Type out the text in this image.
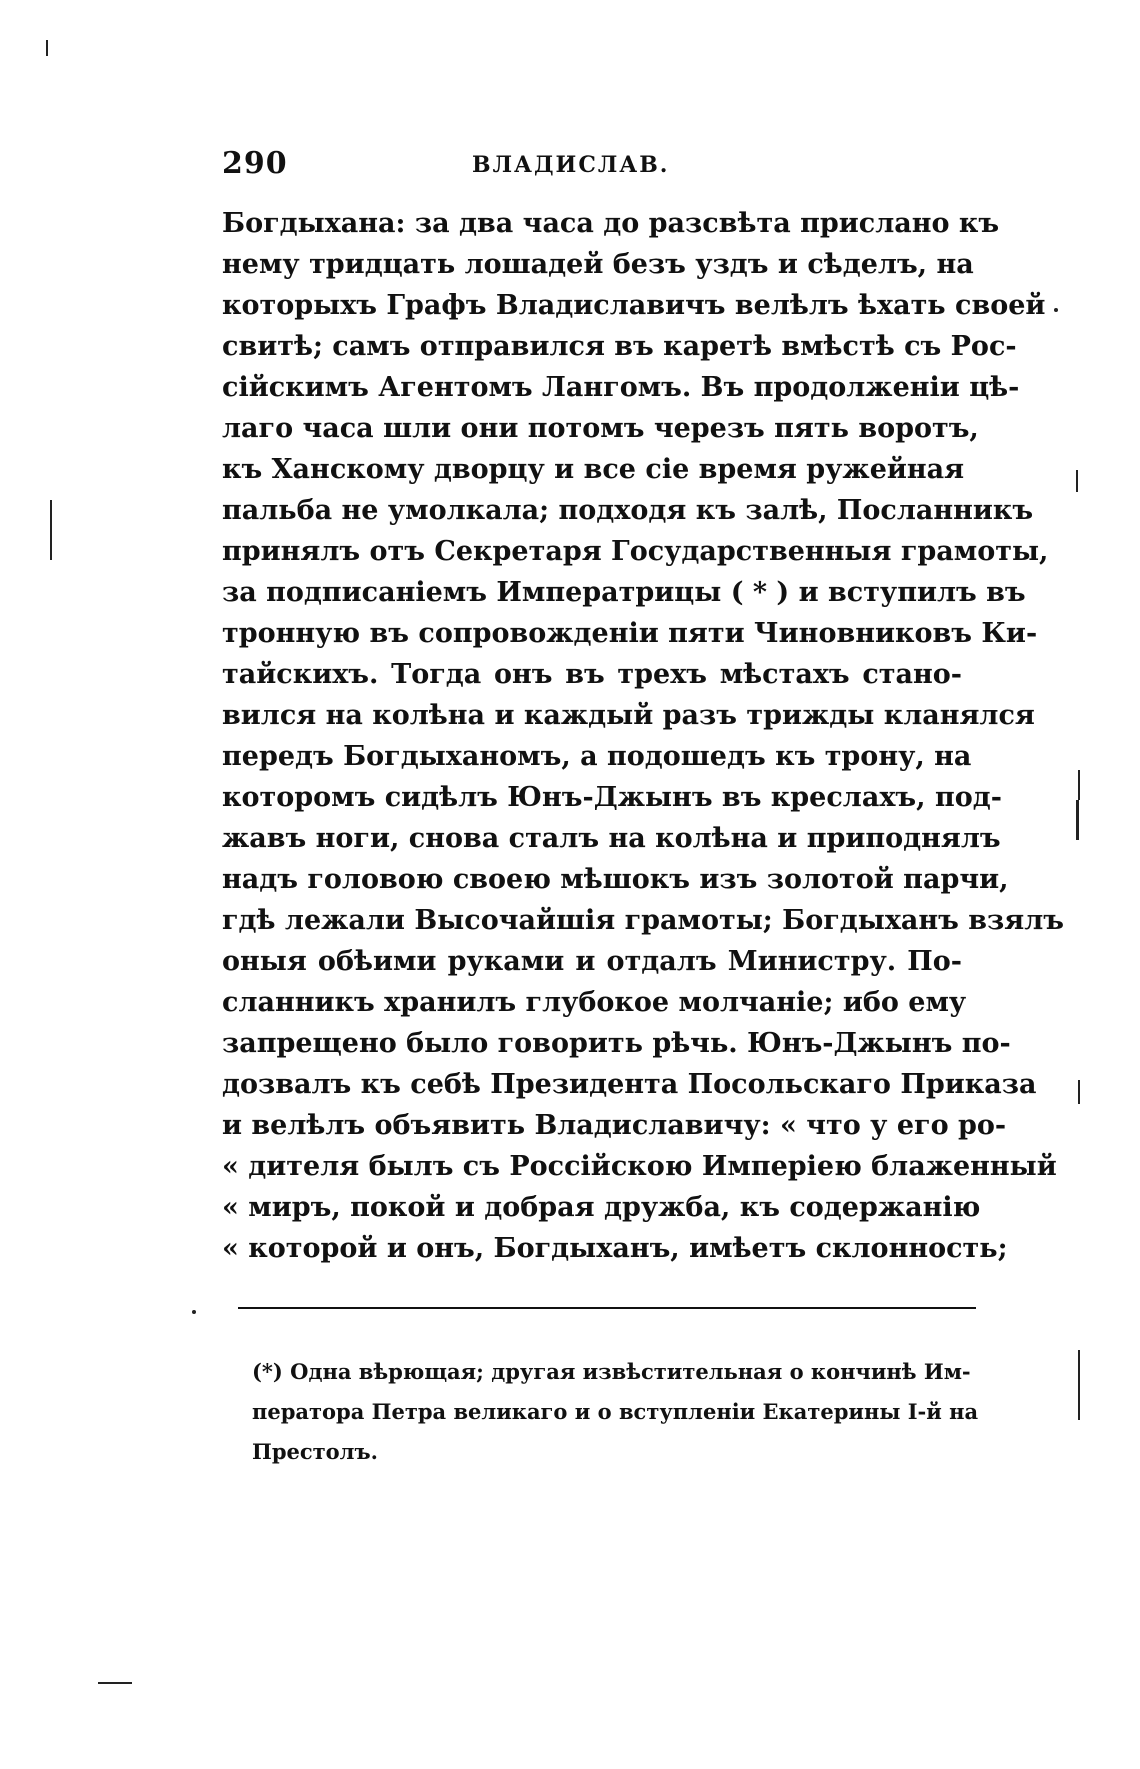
290	ВЛАДИСЛАВ.
Богдыхана: за два часа до разсвѣта прислано къ
нему тридцать лошадей безъ уздъ и сѣделъ, на
которыхъ Графъ Владиславичъ велѣлъ ѣхать своей
свитѣ; самъ отправился въ каретѣ вмѣстѣ съ Рос-
сійскимъ Агентомъ Лангомъ. Въ продолженіи цѣ-
лаго часа шли они потомъ черезъ пять воротъ,
къ Ханскому дворцу и все сіе время ружейная
пальба не умолкала; подходя къ залѣ, Посланникъ
принялъ отъ Секретаря Государственныя грамоты,
за подписаніемъ Императрицы ( * ) и вступилъ въ
тронную въ сопровожденіи пяти Чиновниковъ Ки-
тайскихъ. Тогда онъ въ трехъ мѣстахъ стано-
вился на колѣна и каждый разъ трижды кланялся
передъ Богдыханомъ, а подошедъ къ трону, на
которомъ сидѣлъ Юнъ-Джынъ въ креслахъ, под-
жавъ ноги, снова сталъ на колѣна и приподнялъ
надъ головою своею мѣшокъ изъ золотой парчи,
гдѣ лежали Высочайшія грамоты; Богдыханъ взялъ
оныя обѣими руками и отдалъ Министру. По-
сланникъ хранилъ глубокое молчаніе; ибо ему
запрещено было говорить рѣчь. Юнъ-Джынъ по-
дозвалъ къ себѣ Президента Посольскаго Приказа
и велѣлъ объявить Владиславичу: « что у его ро-
« дителя былъ съ Россійскою Имперіею блаженный
« миръ, покой и добрая дружба, къ содержанію
« которой и онъ, Богдыханъ, имѣетъ склонность;
(*) Одна вѣрющая; другая извѣстительная о кончинѣ Им-
ператора Петра великаго и о вступленіи Екатерины I-й на
Престолъ.
